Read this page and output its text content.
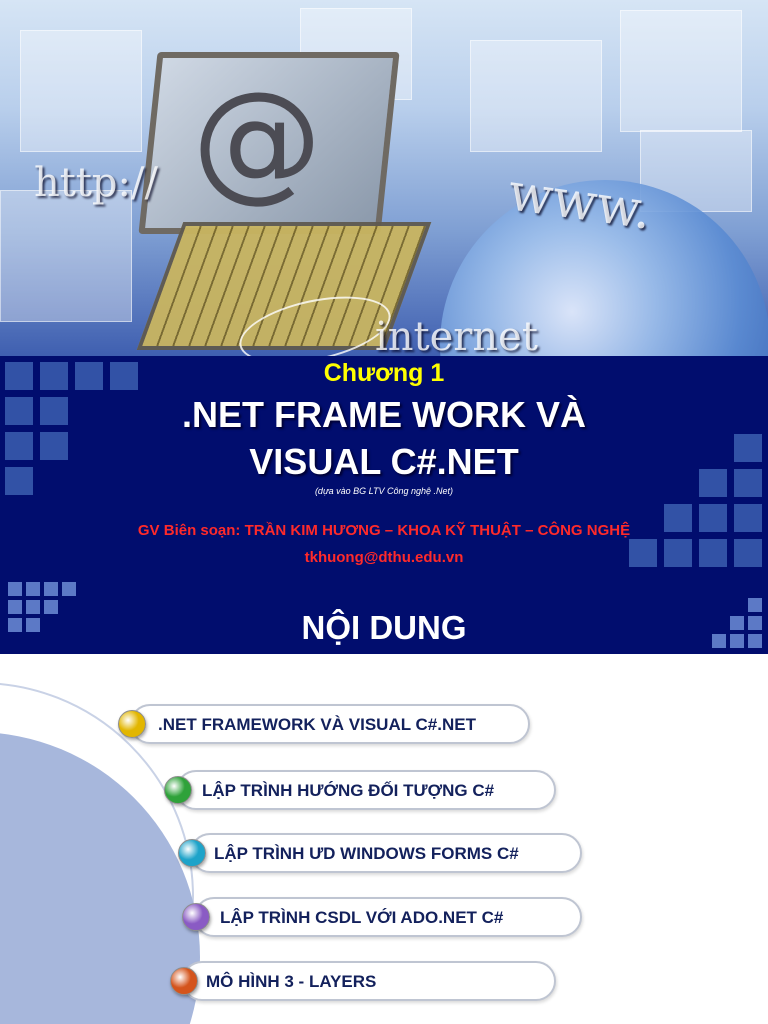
@
http://	www.
internet
Chương 1
.NET FRAME WORK VÀ
VISUAL C#.NET
(dựa vào BG LTV Công nghệ .Net)
GV Biên soạn: TRẦN KIM HƯƠNG – KHOA KỸ THUẬT – CÔNG NGHỆ
tkhuong@dthu.edu.vn
NỘI DUNG
.NET FRAMEWORK VÀ VISUAL C#.NET
LẬP TRÌNH HƯỚNG ĐỐI TƯỢNG C#
LẬP TRÌNH ƯD WINDOWS FORMS C#
LẬP TRÌNH CSDL VỚI ADO.NET C#
MÔ HÌNH 3 - LAYERS
